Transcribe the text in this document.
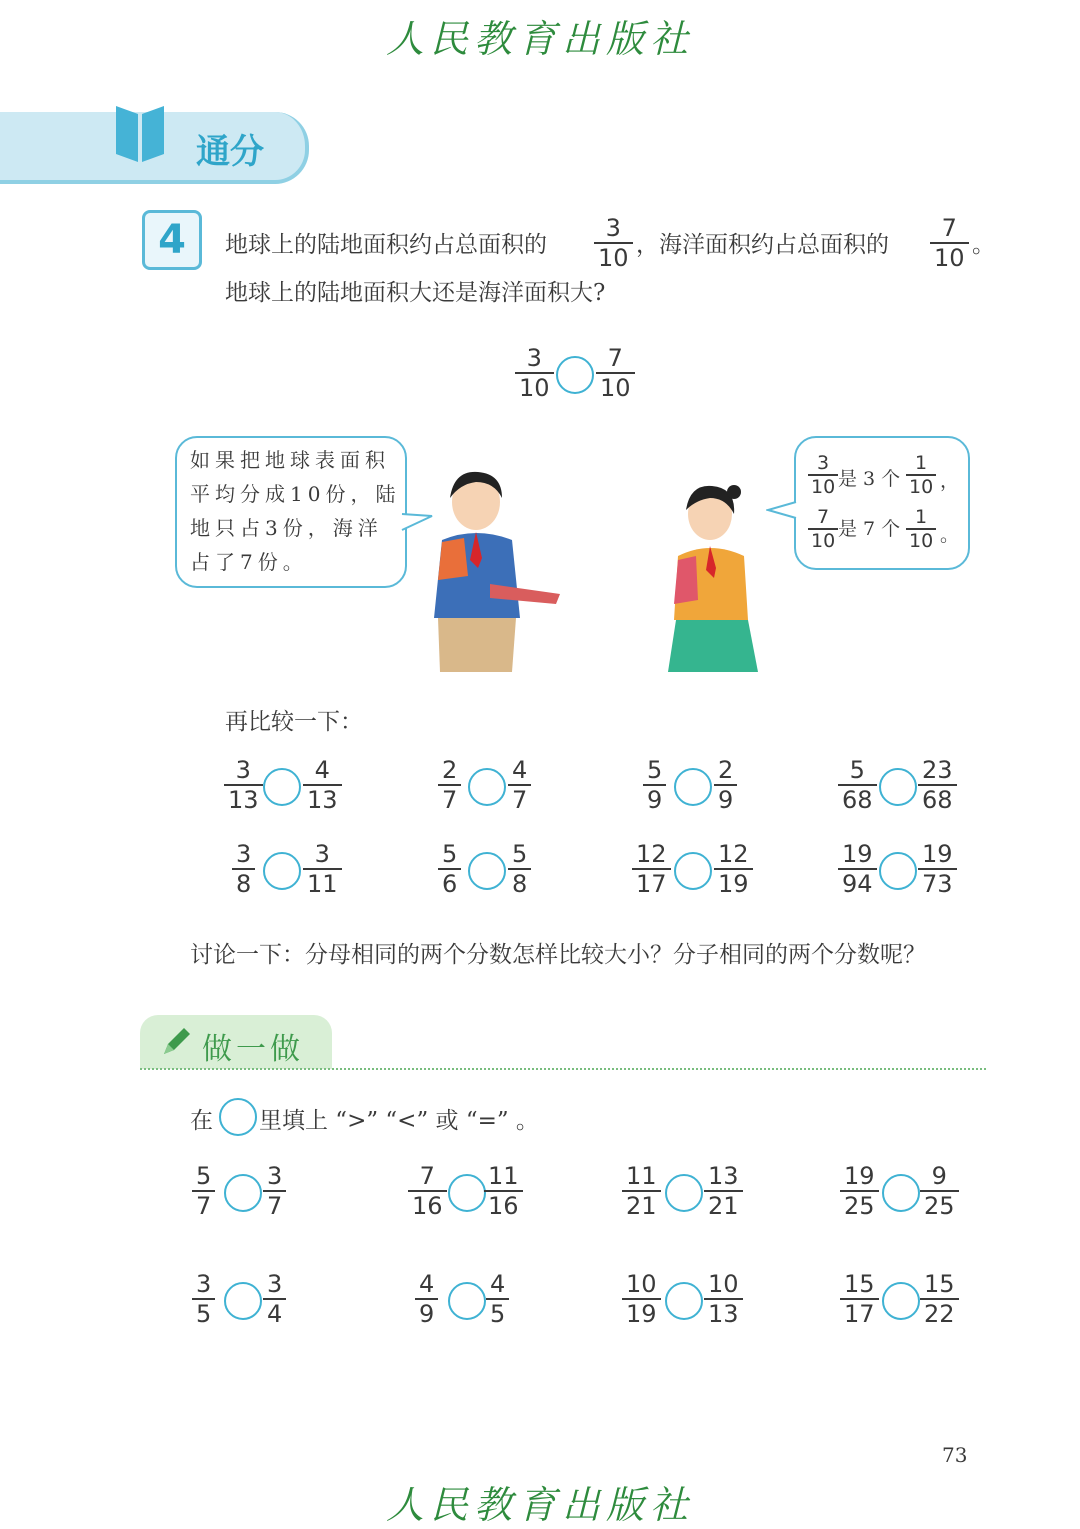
人民教育出版社
通分
4	地球上的陆地面积约占总面积的 $\frac{3}{10}$ ，海洋面积约占总面积的 $\frac{7}{10}$ 。
地球上的陆地面积大还是海洋面积大?
$\frac{3}{10} \frac{7}{10}$
如果把地球表面积
平均分成10份，陆
地只占3份，海洋
占了7份。
$\frac{3}{10}$ 是 3 个 $\frac{1}{10}$ ，
$\frac{7}{10}$ 是 7 个 $\frac{1}{10}$ 。
再比较一下：
$\frac{3}{13} \frac{4}{13}$	$\frac{2}{7} \frac{4}{7}$	$\frac{5}{9} \frac{2}{9}$	$\frac{5}{68} \frac{23}{68}$
$\frac{3}{8} \frac{3}{11}$	$\frac{5}{6} \frac{5}{8}$	$\frac{12}{17} \frac{12}{19}$	$\frac{19}{94} \frac{19}{73}$
讨论一下：分母相同的两个分数怎样比较大小？分子相同的两个分数呢？
做一做
在 里填上 “>” “<” 或 “=” 。
$\frac{5}{7} \frac{3}{7}$	$\frac{7}{16} \frac{11}{16}$	$\frac{11}{21} \frac{13}{21}$	$\frac{19}{25} \frac{9}{25}$
$\frac{3}{5} \frac{3}{4}$	$\frac{4}{9} \frac{4}{5}$	$\frac{10}{19} \frac{10}{13}$	$\frac{15}{17} \frac{15}{22}$
73
人民教育出版社
